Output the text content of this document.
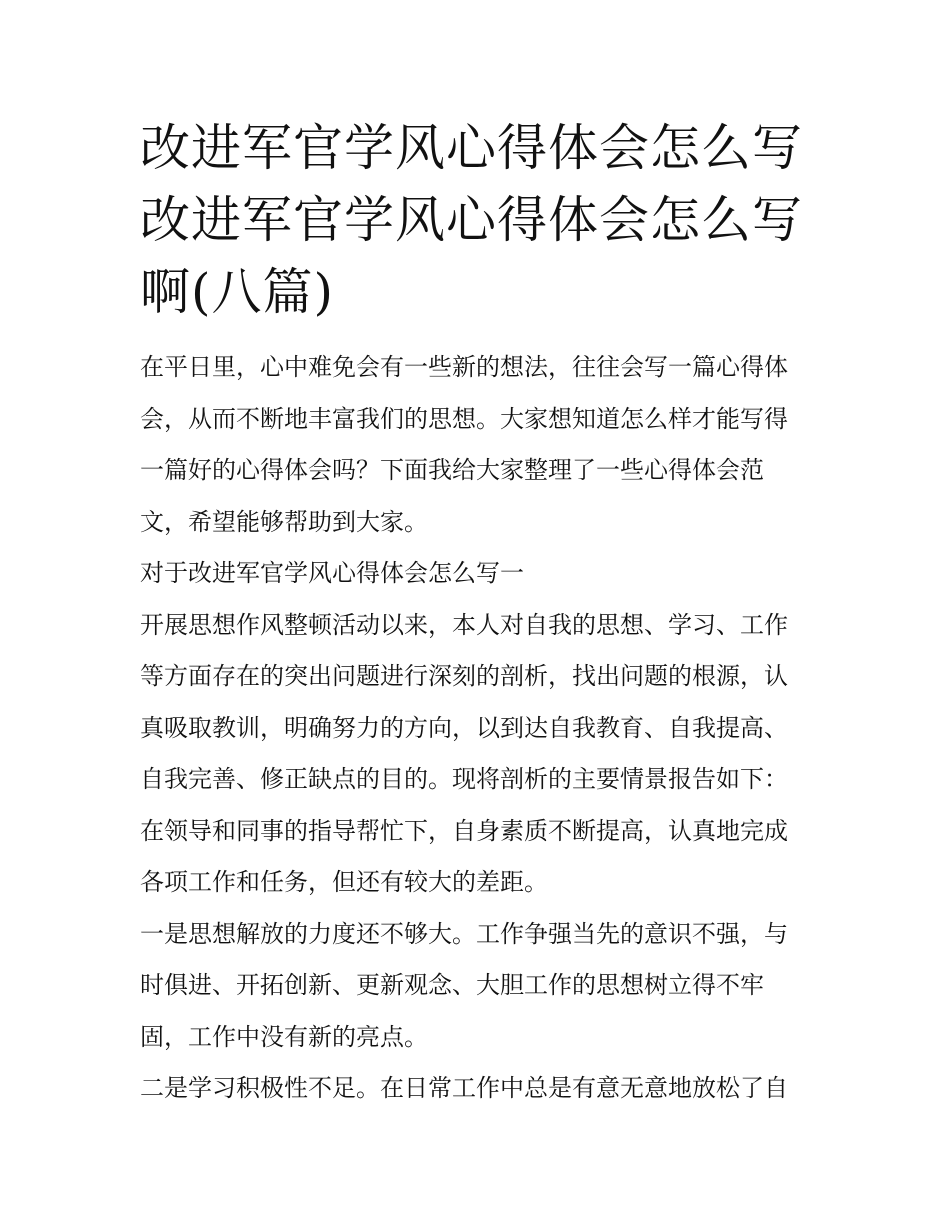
改进军官学风心得体会怎么写
改进军官学风心得体会怎么写
啊(八篇)

在平日里，心中难免会有一些新的想法，往往会写一篇心得体
会，从而不断地丰富我们的思想。大家想知道怎么样才能写得
一篇好的心得体会吗？下面我给大家整理了一些心得体会范
文，希望能够帮助到大家。

对于改进军官学风心得体会怎么写一

开展思想作风整顿活动以来，本人对自我的思想、学习、工作
等方面存在的突出问题进行深刻的剖析，找出问题的根源，认
真吸取教训，明确努力的方向，以到达自我教育、自我提高、
自我完善、修正缺点的目的。现将剖析的主要情景报告如下：

在领导和同事的指导帮忙下，自身素质不断提高，认真地完成
各项工作和任务，但还有较大的差距。

一是思想解放的力度还不够大。工作争强当先的意识不强，与
时俱进、开拓创新、更新观念、大胆工作的思想树立得不牢
固，工作中没有新的亮点。

二是学习积极性不足。在日常工作中总是有意无意地放松了自
